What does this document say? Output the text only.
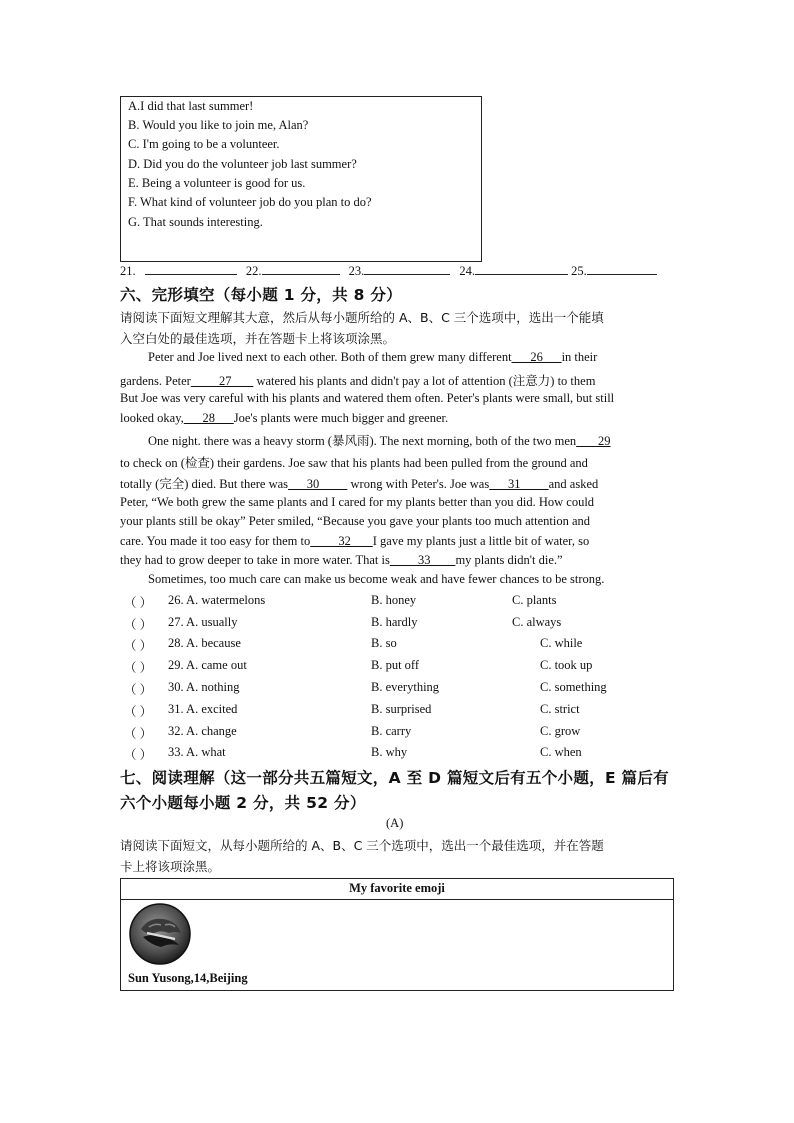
A.I did that last summer!
B. Would you like to join me, Alan?
C. I'm going to be a volunteer.
D. Did you do the volunteer job last summer?
E. Being a volunteer is good for us.
F. What kind of volunteer job do you plan to do?
G. That sounds interesting.
21.	22.	23.	24.	25.
六、完形填空（每小题 1 分，共 8 分）
请阅读下面短文理解其大意，然后从每小题所给的 A、B、C 三个选项中，选出一个能填
入空白处的最佳选项，并在答题卡上将该项涂黑。
Peter and Joe lived next to each other. Both of them grew many different      26      in their
gardens. Peter         27        watered his plants and didn't pay a lot of attention (注意力) to them
But Joe was very careful with his plants and watered them often. Peter's plants were small, but still
looked okay,      28      Joe's plants were much bigger and greener.
One night. there was a heavy storm (暴风雨). The next morning, both of the two men       29
to check on (检查) their gardens. Joe saw that his plants had been pulled from the ground and
totally (完全) died. But there was      30          wrong with Peter's. Joe was      31         and asked
Peter, “We both grew the same plants and I cared for my plants better than you did. How could
your plants still be okay” Peter smiled, “Because you gave your plants too much attention and
care. You made it too easy for them to         32       I gave my plants just a little bit of water, so
they had to grow deeper to take in more water. That is         33        my plants didn't die.”
Sometimes, too much care can make us become weak and have fewer chances to be strong.
（ ） 26. A. watermelons	B. honey	C. plants
（ ） 27. A. usually	B. hardly	C. always
（ ） 28. A. because	B. so	C. while
（ ） 29. A. came out	B. put off	C. took up
（ ） 30. A. nothing	B. everything	C. something
（ ） 31. A. excited	B. surprised	C. strict
（ ） 32. A. change	B. carry	C. grow
（ ） 33. A. what	B. why	C. when
七、阅读理解（这一部分共五篇短文，A 至 D 篇短文后有五个小题，E 篇后有
六个小题每小题 2 分，共 52 分）
(A)
请阅读下面短文，从每小题所给的 A、B、C 三个选项中，选出一个最佳选项，并在答题
卡上将该项涂黑。
My favorite emoji
Sun Yusong,14,Beijing
